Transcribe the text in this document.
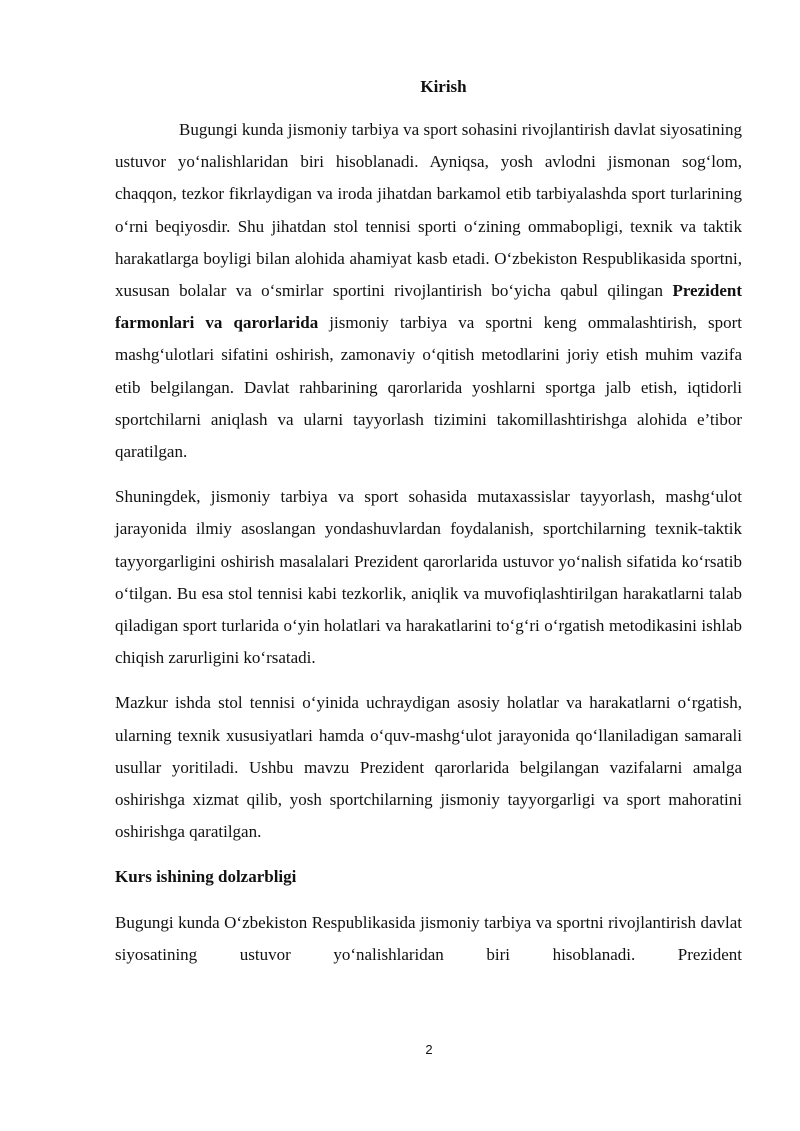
Kirish

Bugungi kunda jismoniy tarbiya va sport sohasini rivojlantirish davlat siyosatining ustuvor yo‘nalishlaridan biri hisoblanadi. Ayniqsa, yosh avlodni jismonan sog‘lom, chaqqon, tezkor fikrlaydigan va iroda jihatdan barkamol etib tarbiyalashda sport turlarining o‘rni beqiyosdir. Shu jihatdan stol tennisi sporti o‘zining ommabopligi, texnik va taktik harakatlarga boyligi bilan alohida ahamiyat kasb etadi. O‘zbekiston Respublikasida sportni, xususan bolalar va o‘smirlar sportini rivojlantirish bo‘yicha qabul qilingan Prezident farmonlari va qarorlarida jismoniy tarbiya va sportni keng ommalashtirish, sport mashg‘ulotlari sifatini oshirish, zamonaviy o‘qitish metodlarini joriy etish muhim vazifa etib belgilangan. Davlat rahbarining qarorlarida yoshlarni sportga jalb etish, iqtidorli sportchilarni aniqlash va ularni tayyorlash tizimini takomillashtirishga alohida e’tibor qaratilgan.

Shuningdek, jismoniy tarbiya va sport sohasida mutaxassislar tayyorlash, mashg‘ulot jarayonida ilmiy asoslangan yondashuvlardan foydalanish, sportchilarning texnik-taktik tayyorgarligini oshirish masalalari Prezident qarorlarida ustuvor yo‘nalish sifatida ko‘rsatib o‘tilgan. Bu esa stol tennisi kabi tezkorlik, aniqlik va muvofiqlashtirilgan harakatlarni talab qiladigan sport turlarida o‘yin holatlari va harakatlarini to‘g‘ri o‘rgatish metodikasini ishlab chiqish zarurligini ko‘rsatadi.

Mazkur ishda stol tennisi o‘yinida uchraydigan asosiy holatlar va harakatlarni o‘rgatish, ularning texnik xususiyatlari hamda o‘quv-mashg‘ulot jarayonida qo‘llaniladigan samarali usullar yoritiladi. Ushbu mavzu Prezident qarorlarida belgilangan vazifalarni amalga oshirishga xizmat qilib, yosh sportchilarning jismoniy tayyorgarligi va sport mahoratini oshirishga qaratilgan.

Kurs ishining dolzarbligi

Bugungi kunda O‘zbekiston Respublikasida jismoniy tarbiya va sportni rivojlantirish davlat siyosatining ustuvor yo‘nalishlaridan biri hisoblanadi. Prezident

2
